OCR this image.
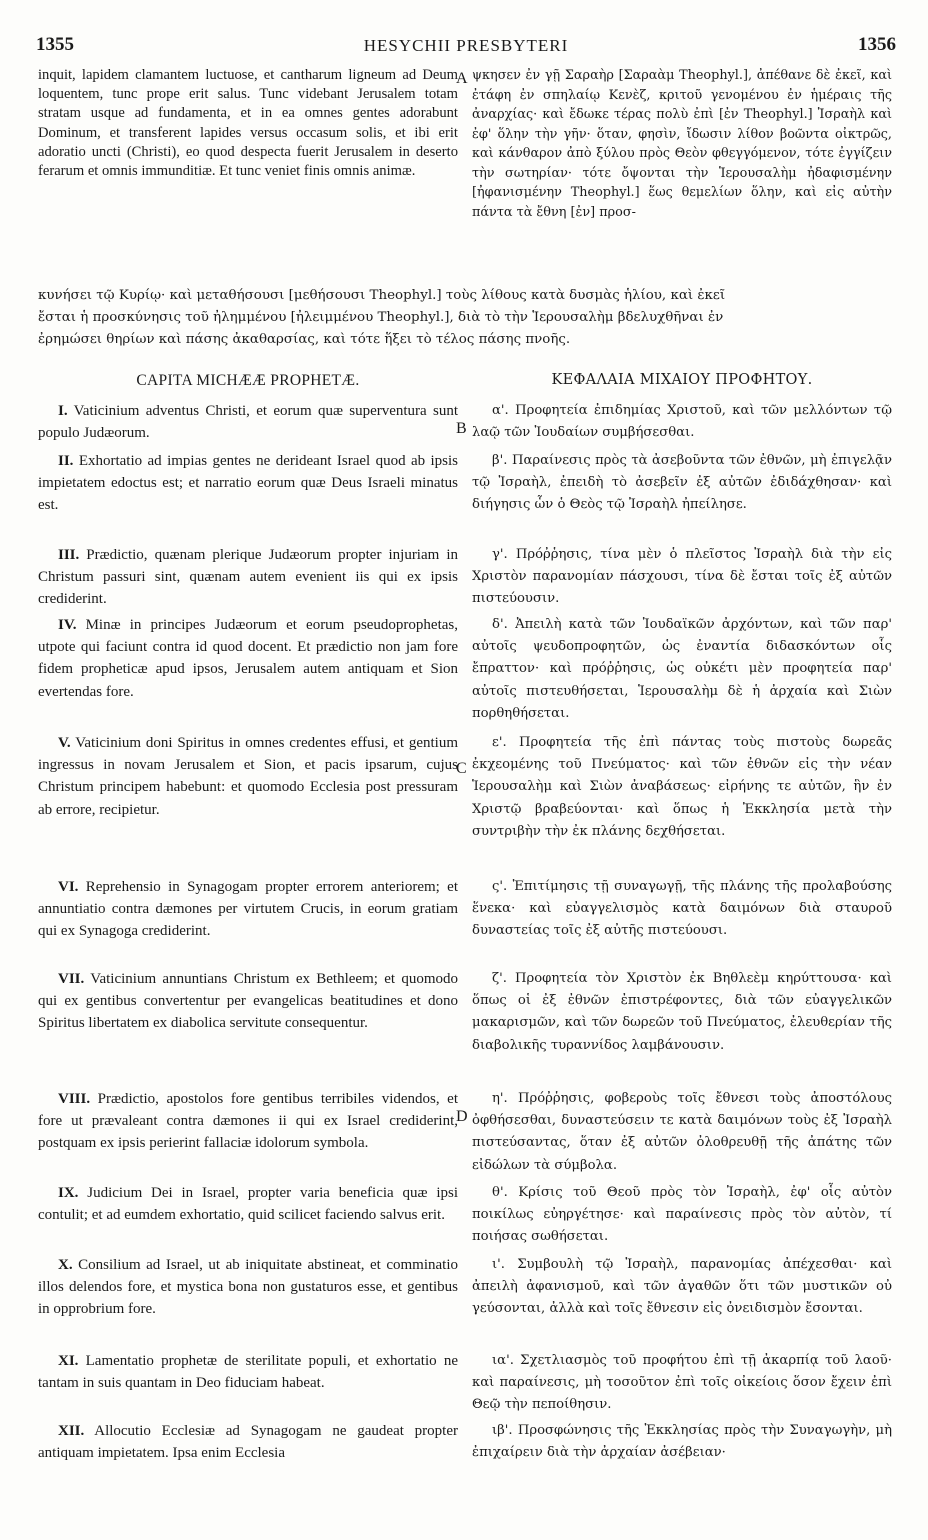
1355	HESYCHII PRESBYTERI	1356
inquit, lapidem clamantem luctuose, et cantharum ligneum ad Deum loquentem, tunc prope erit salus. Tunc videbant Jerusalem totam stratam usque ad fundamenta, et in ea omnes gentes adorabunt Dominum, et transferent lapides versus occasum solis, et ibi erit adoratio uncti (Christi), eo quod despecta fuerit Jerusalem in deserto ferarum et omnis immunditiæ. Et tunc veniet finis omnis animæ.
ψκησεν ἐν γῇ Σαραὴρ [Σαραὰμ Theophyl.], ἀπέθανε δὲ ἐκεῖ, καὶ ἐτάφη ἐν σπηλαίῳ Κενὲζ, κριτοῦ γενομένου ἐν ἡμέραις τῆς ἀναρχίας· καὶ ἔδωκε τέρας πολὺ ἐπὶ [ἐν Theophyl.] Ἰσραὴλ καὶ ἐφ' ὅλην τὴν γῆν· ὅταν, φησὶν, ἴδωσιν λίθον βοῶντα οἰκτρῶς, καὶ κάνθαρον ἀπὸ ξύλου πρὸς Θεὸν φθεγγόμενον, τότε ἐγγίζειν τὴν σωτηρίαν· τότε ὄψονται τὴν Ἱερουσαλὴμ ἠδαφισμένην [ἠφανισμένην Theophyl.] ἕως θεμελίων ὅλην, καὶ εἰς αὐτὴν πάντα τὰ ἔθνη [ἐν] προσ-
κυνήσει τῷ Κυρίῳ· καὶ μεταθήσουσι [μεθήσουσι Theophyl.] τοὺς λίθους κατὰ δυσμὰς ἡλίου, καὶ ἐκεῖ
ἔσται ἡ προσκύνησις τοῦ ἠλημμένου [ἠλειμμένου Theophyl.], διὰ τὸ τὴν Ἱερουσαλὴμ βδελυχθῆναι ἐν
ἐρημώσει θηρίων καὶ πάσης ἀκαθαρσίας, καὶ τότε ἥξει τὸ τέλος πάσης πνοῆς.
A
B
C
D
CAPITA MICHÆÆ PROPHETÆ.	ΚΕΦΑΛΑΙΑ ΜΙΧΑΙΟΥ ΠΡΟΦΗΤΟΥ.
I. Vaticinium adventus Christi, et eorum quæ superventura sunt populo Judæorum.
II. Exhortatio ad impias gentes ne derideant Israel quod ab ipsis impietatem edoctus est; et narratio eorum quæ Deus Israeli minatus est.
III. Prædictio, quænam plerique Judæorum propter injuriam in Christum passuri sint, quænam autem evenient iis qui ex ipsis crediderint.
IV. Minæ in principes Judæorum et eorum pseudoprophetas, utpote qui faciunt contra id quod docent. Et prædictio non jam fore fidem propheticæ apud ipsos, Jerusalem autem antiquam et Sion evertendas fore.
V. Vaticinium doni Spiritus in omnes credentes effusi, et gentium ingressus in novam Jerusalem et Sion, et pacis ipsarum, cujus Christum principem habebunt: et quomodo Ecclesia post pressuram ab errore, recipietur.
VI. Reprehensio in Synagogam propter errorem anteriorem; et annuntiatio contra dæmones per virtutem Crucis, in eorum gratiam qui ex Synagoga crediderint.
VII. Vaticinium annuntians Christum ex Bethleem; et quomodo qui ex gentibus convertentur per evangelicas beatitudines et dono Spiritus libertatem ex diabolica servitute consequentur.
VIII. Prædictio, apostolos fore gentibus terribiles videndos, et fore ut prævaleant contra dæmones ii qui ex Israel crediderint, postquam ex ipsis perierint fallaciæ idolorum symbola.
IX. Judicium Dei in Israel, propter varia beneficia quæ ipsi contulit; et ad eumdem exhortatio, quid scilicet faciendo salvus erit.
X. Consilium ad Israel, ut ab iniquitate abstineat, et comminatio illos delendos fore, et mystica bona non gustaturos esse, et gentibus in opprobrium fore.
XI. Lamentatio prophetæ de sterilitate populi, et exhortatio ne tantam in suis quantam in Deo fiduciam habeat.
XII. Allocutio Ecclesiæ ad Synagogam ne gaudeat propter antiquam impietatem. Ipsa enim Ecclesia
α'. Προφητεία ἐπιδημίας Χριστοῦ, καὶ τῶν μελλόντων τῷ λαῷ τῶν Ἰουδαίων συμβήσεσθαι.
β'. Παραίνεσις πρὸς τὰ ἀσεβοῦντα τῶν ἐθνῶν, μὴ ἐπιγελᾷν τῷ Ἰσραὴλ, ἐπειδὴ τὸ ἀσεβεῖν ἐξ αὐτῶν ἐδιδάχθησαν· καὶ διήγησις ὧν ὁ Θεὸς τῷ Ἰσραὴλ ἠπείλησε.
γ'. Πρόῤῥησις, τίνα μὲν ὁ πλεῖστος Ἰσραὴλ διὰ τὴν εἰς Χριστὸν παρανομίαν πάσχουσι, τίνα δὲ ἔσται τοῖς ἐξ αὐτῶν πιστεύουσιν.
δ'. Ἀπειλὴ κατὰ τῶν Ἰουδαϊκῶν ἀρχόντων, καὶ τῶν παρ' αὐτοῖς ψευδοπροφητῶν, ὡς ἐναντία διδασκόντων οἷς ἔπραττον· καὶ πρόῤῥησις, ὡς οὐκέτι μὲν προφητεία παρ' αὐτοῖς πιστευθήσεται, Ἱερουσαλὴμ δὲ ἡ ἀρχαία καὶ Σιὼν πορθηθήσεται.
ε'. Προφητεία τῆς ἐπὶ πάντας τοὺς πιστοὺς δωρεᾶς ἐκχεομένης τοῦ Πνεύματος· καὶ τῶν ἐθνῶν εἰς τὴν νέαν Ἱερουσαλὴμ καὶ Σιὼν ἀναβάσεως· εἰρήνης τε αὐτῶν, ἣν ἐν Χριστῷ βραβεύονται· καὶ ὅπως ἡ Ἐκκλησία μετὰ τὴν συντριβὴν τὴν ἐκ πλάνης δεχθήσεται.
ς'. Ἐπιτίμησις τῇ συναγωγῇ, τῆς πλάνης τῆς προλαβούσης ἕνεκα· καὶ εὐαγγελισμὸς κατὰ δαιμόνων διὰ σταυροῦ δυναστείας τοῖς ἐξ αὐτῆς πιστεύουσι.
ζ'. Προφητεία τὸν Χριστὸν ἐκ Βηθλεὲμ κηρύττουσα· καὶ ὅπως οἱ ἐξ ἐθνῶν ἐπιστρέφοντες, διὰ τῶν εὐαγγελικῶν μακαρισμῶν, καὶ τῶν δωρεῶν τοῦ Πνεύματος, ἐλευθερίαν τῆς διαβολικῆς τυραννίδος λαμβάνουσιν.
η'. Πρόῤῥησις, φοβεροὺς τοῖς ἔθνεσι τοὺς ἀποστόλους ὀφθήσεσθαι, δυναστεύσειν τε κατὰ δαιμόνων τοὺς ἐξ Ἰσραὴλ πιστεύσαντας, ὅταν ἐξ αὐτῶν ὀλοθρευθῇ τῆς ἀπάτης τῶν εἰδώλων τὰ σύμβολα.
θ'. Κρίσις τοῦ Θεοῦ πρὸς τὸν Ἰσραὴλ, ἐφ' οἷς αὐτὸν ποικίλως εὐηργέτησε· καὶ παραίνεσις πρὸς τὸν αὐτὸν, τί ποιήσας σωθήσεται.
ι'. Συμβουλὴ τῷ Ἰσραὴλ, παρανομίας ἀπέχεσθαι· καὶ ἀπειλὴ ἀφανισμοῦ, καὶ τῶν ἀγαθῶν ὅτι τῶν μυστικῶν οὐ γεύσονται, ἀλλὰ καὶ τοῖς ἔθνεσιν εἰς ὀνειδισμὸν ἔσονται.
ια'. Σχετλιασμὸς τοῦ προφήτου ἐπὶ τῇ ἀκαρπίᾳ τοῦ λαοῦ· καὶ παραίνεσις, μὴ τοσοῦτον ἐπὶ τοῖς οἰκείοις ὅσον ἔχειν ἐπὶ Θεῷ τὴν πεποίθησιν.
ιβ'. Προσφώνησις τῆς Ἐκκλησίας πρὸς τὴν Συναγωγὴν, μὴ ἐπιχαίρειν διὰ τὴν ἀρχαίαν ἀσέβειαν·
